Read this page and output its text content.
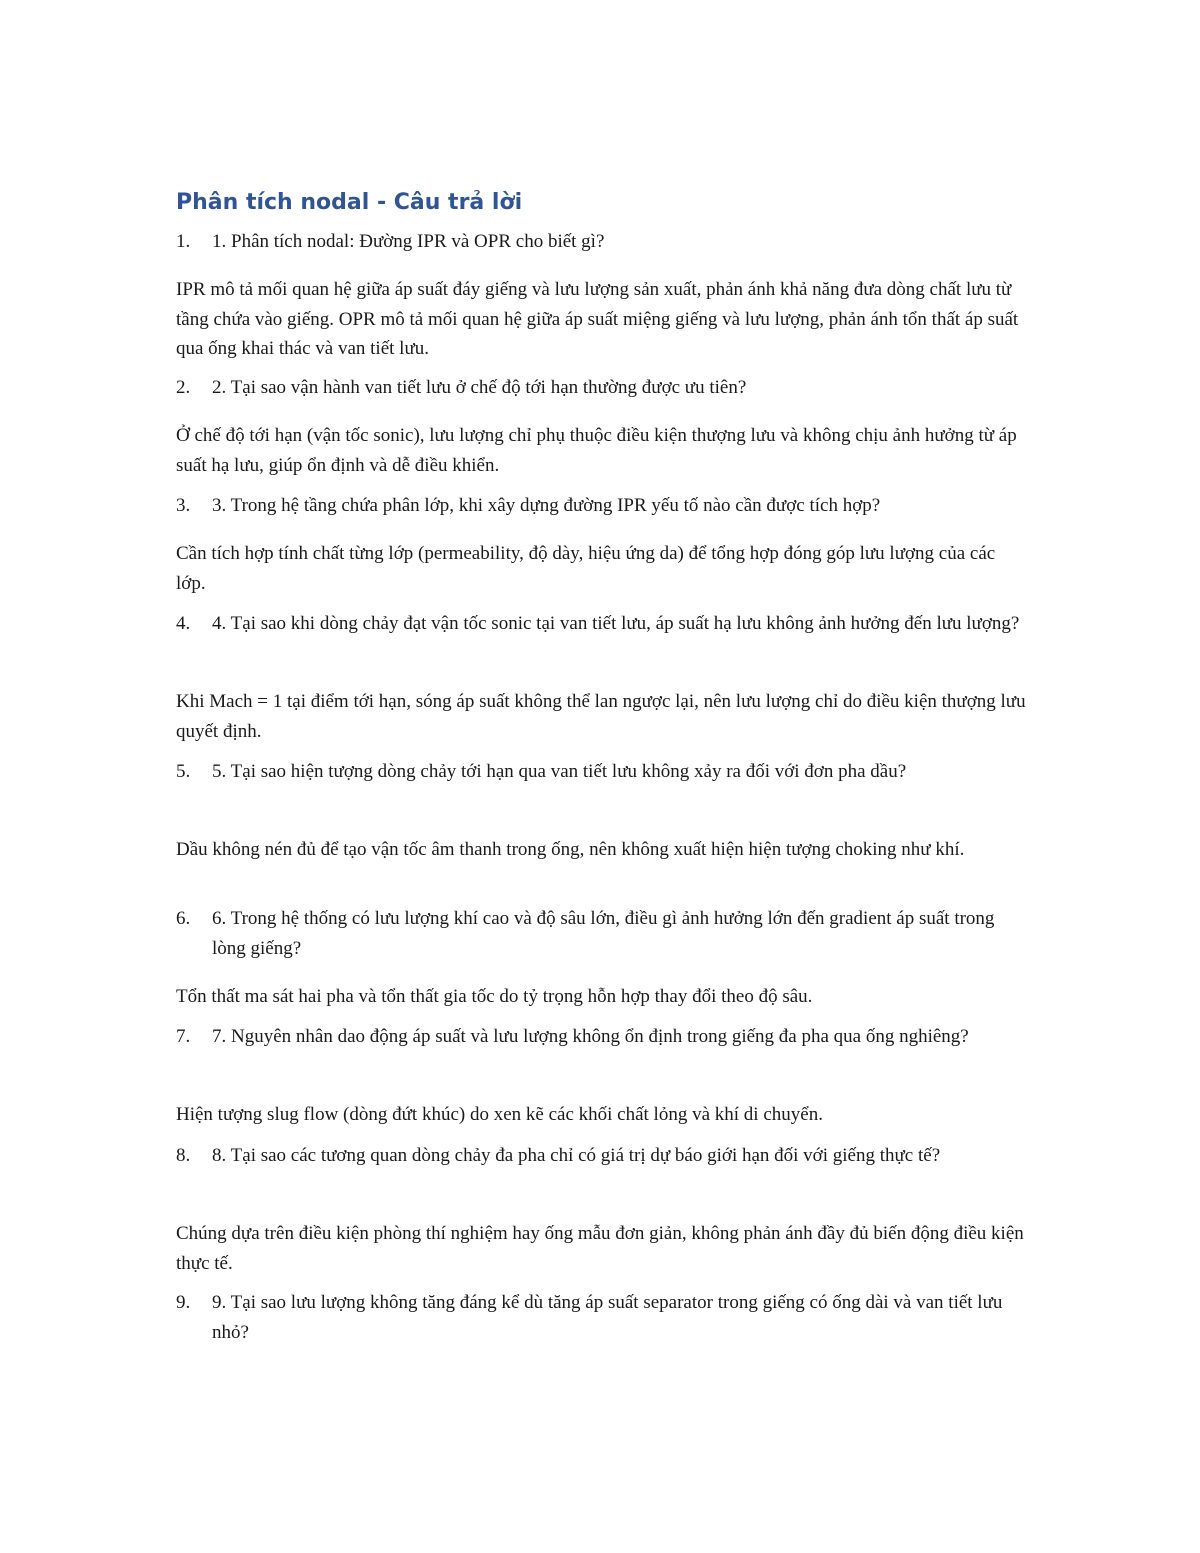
Phân tích nodal - Câu trả lời
1. 1. Phân tích nodal: Đường IPR và OPR cho biết gì?
IPR mô tả mối quan hệ giữa áp suất đáy giếng và lưu lượng sản xuất, phản ánh khả năng đưa dòng chất lưu từ tầng chứa vào giếng. OPR mô tả mối quan hệ giữa áp suất miệng giếng và lưu lượng, phản ánh tổn thất áp suất qua ống khai thác và van tiết lưu.
2. 2. Tại sao vận hành van tiết lưu ở chế độ tới hạn thường được ưu tiên?
Ở chế độ tới hạn (vận tốc sonic), lưu lượng chỉ phụ thuộc điều kiện thượng lưu và không chịu ảnh hưởng từ áp suất hạ lưu, giúp ổn định và dễ điều khiển.
3. 3. Trong hệ tầng chứa phân lớp, khi xây dựng đường IPR yếu tố nào cần được tích hợp?
Cần tích hợp tính chất từng lớp (permeability, độ dày, hiệu ứng da) để tổng hợp đóng góp lưu lượng của các lớp.
4. 4. Tại sao khi dòng chảy đạt vận tốc sonic tại van tiết lưu, áp suất hạ lưu không ảnh hưởng đến lưu lượng?
Khi Mach = 1 tại điểm tới hạn, sóng áp suất không thể lan ngược lại, nên lưu lượng chỉ do điều kiện thượng lưu quyết định.
5. 5. Tại sao hiện tượng dòng chảy tới hạn qua van tiết lưu không xảy ra đối với đơn pha dầu?
Dầu không nén đủ để tạo vận tốc âm thanh trong ống, nên không xuất hiện hiện tượng choking như khí.
6. 6. Trong hệ thống có lưu lượng khí cao và độ sâu lớn, điều gì ảnh hưởng lớn đến gradient áp suất trong lòng giếng?
Tổn thất ma sát hai pha và tổn thất gia tốc do tỷ trọng hỗn hợp thay đổi theo độ sâu.
7. 7. Nguyên nhân dao động áp suất và lưu lượng không ổn định trong giếng đa pha qua ống nghiêng?
Hiện tượng slug flow (dòng đứt khúc) do xen kẽ các khối chất lỏng và khí di chuyển.
8. 8. Tại sao các tương quan dòng chảy đa pha chỉ có giá trị dự báo giới hạn đối với giếng thực tế?
Chúng dựa trên điều kiện phòng thí nghiệm hay ống mẫu đơn giản, không phản ánh đầy đủ biến động điều kiện thực tế.
9. 9. Tại sao lưu lượng không tăng đáng kể dù tăng áp suất separator trong giếng có ống dài và van tiết lưu nhỏ?
